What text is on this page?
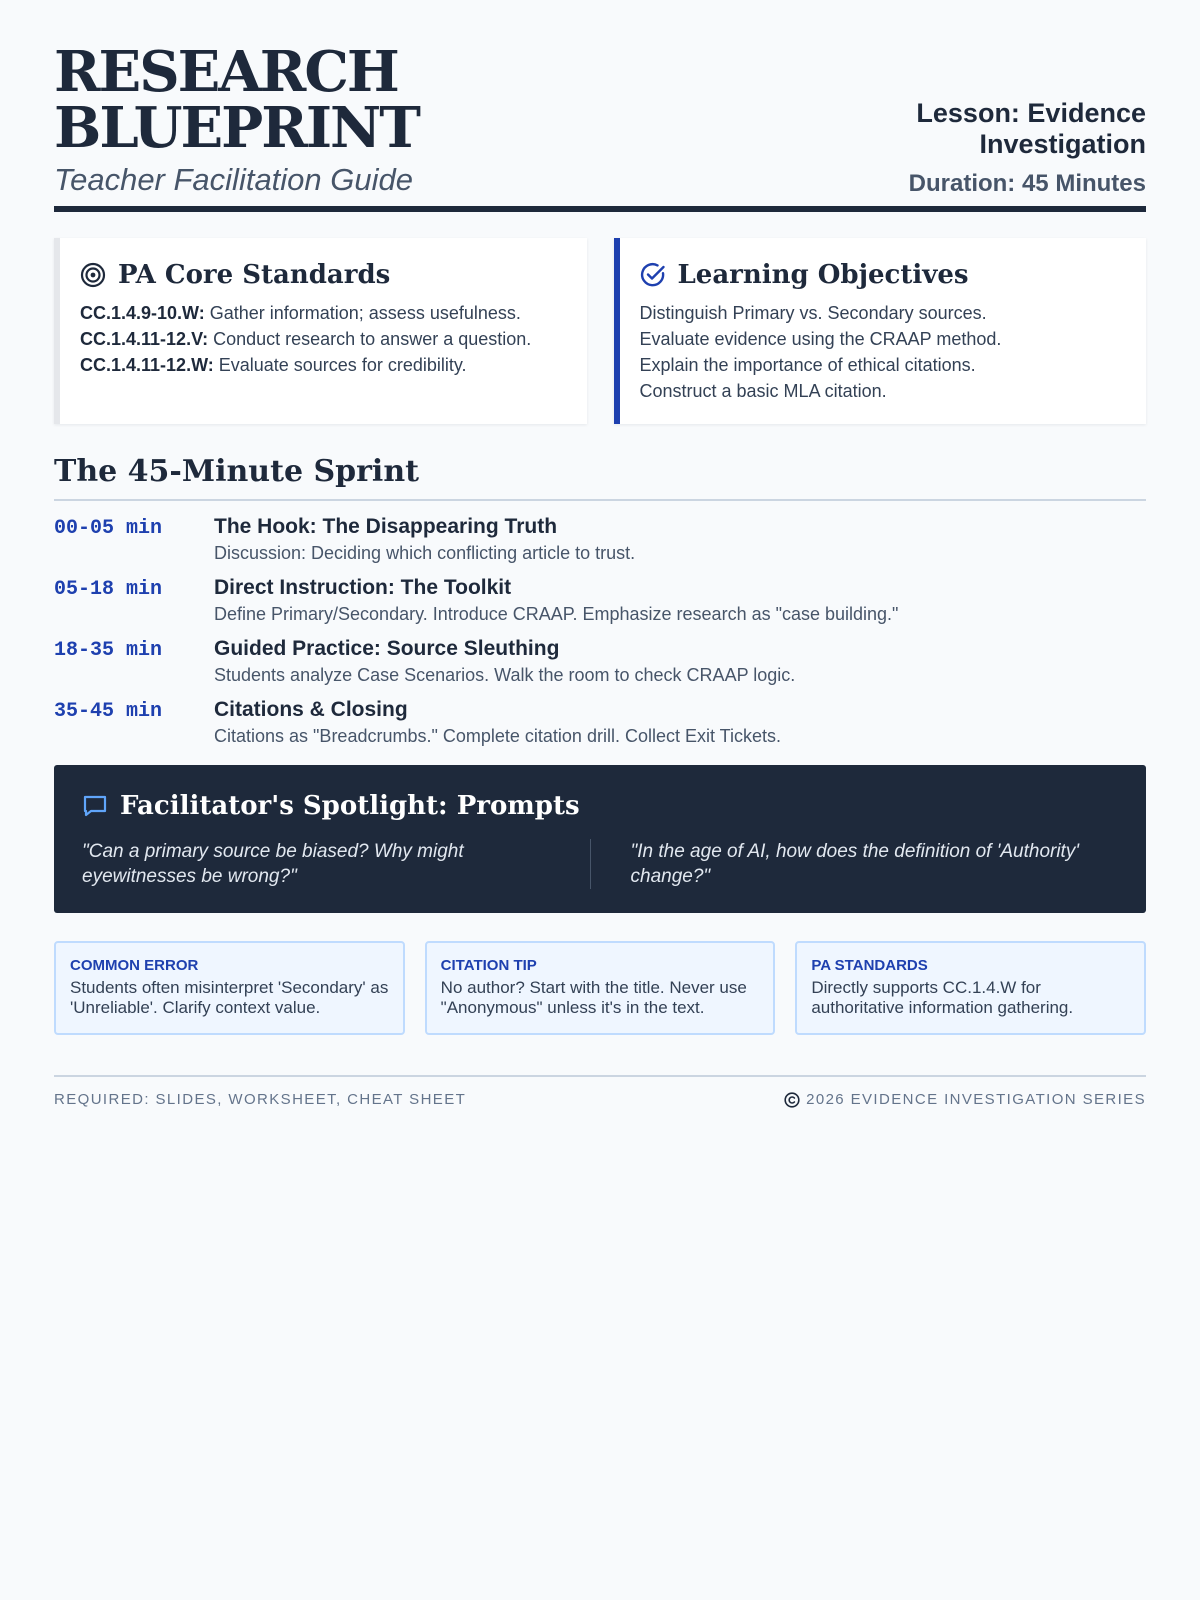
RESEARCH BLUEPRINT
Teacher Facilitation Guide
Lesson: Evidence Investigation
Duration: 45 Minutes
PA Core Standards
CC.1.4.9-10.W: Gather information; assess usefulness.
CC.1.4.11-12.V: Conduct research to answer a question.
CC.1.4.11-12.W: Evaluate sources for credibility.
Learning Objectives
Distinguish Primary vs. Secondary sources.
Evaluate evidence using the CRAAP method.
Explain the importance of ethical citations.
Construct a basic MLA citation.
The 45-Minute Sprint
00-05 min	The Hook: The Disappearing Truth
Discussion: Deciding which conflicting article to trust.
05-18 min	Direct Instruction: The Toolkit
Define Primary/Secondary. Introduce CRAAP. Emphasize research as "case building."
18-35 min	Guided Practice: Source Sleuthing
Students analyze Case Scenarios. Walk the room to check CRAAP logic.
35-45 min	Citations & Closing
Citations as "Breadcrumbs." Complete citation drill. Collect Exit Tickets.
Facilitator's Spotlight: Prompts
"Can a primary source be biased? Why might eyewitnesses be wrong?"
"In the age of AI, how does the definition of 'Authority' change?"
COMMON ERROR
Students often misinterpret 'Secondary' as 'Unreliable'. Clarify context value.
CITATION TIP
No author? Start with the title. Never use "Anonymous" unless it's in the text.
PA STANDARDS
Directly supports CC.1.4.W for authoritative information gathering.
REQUIRED: SLIDES, WORKSHEET, CHEAT SHEET	2026 EVIDENCE INVESTIGATION SERIES
